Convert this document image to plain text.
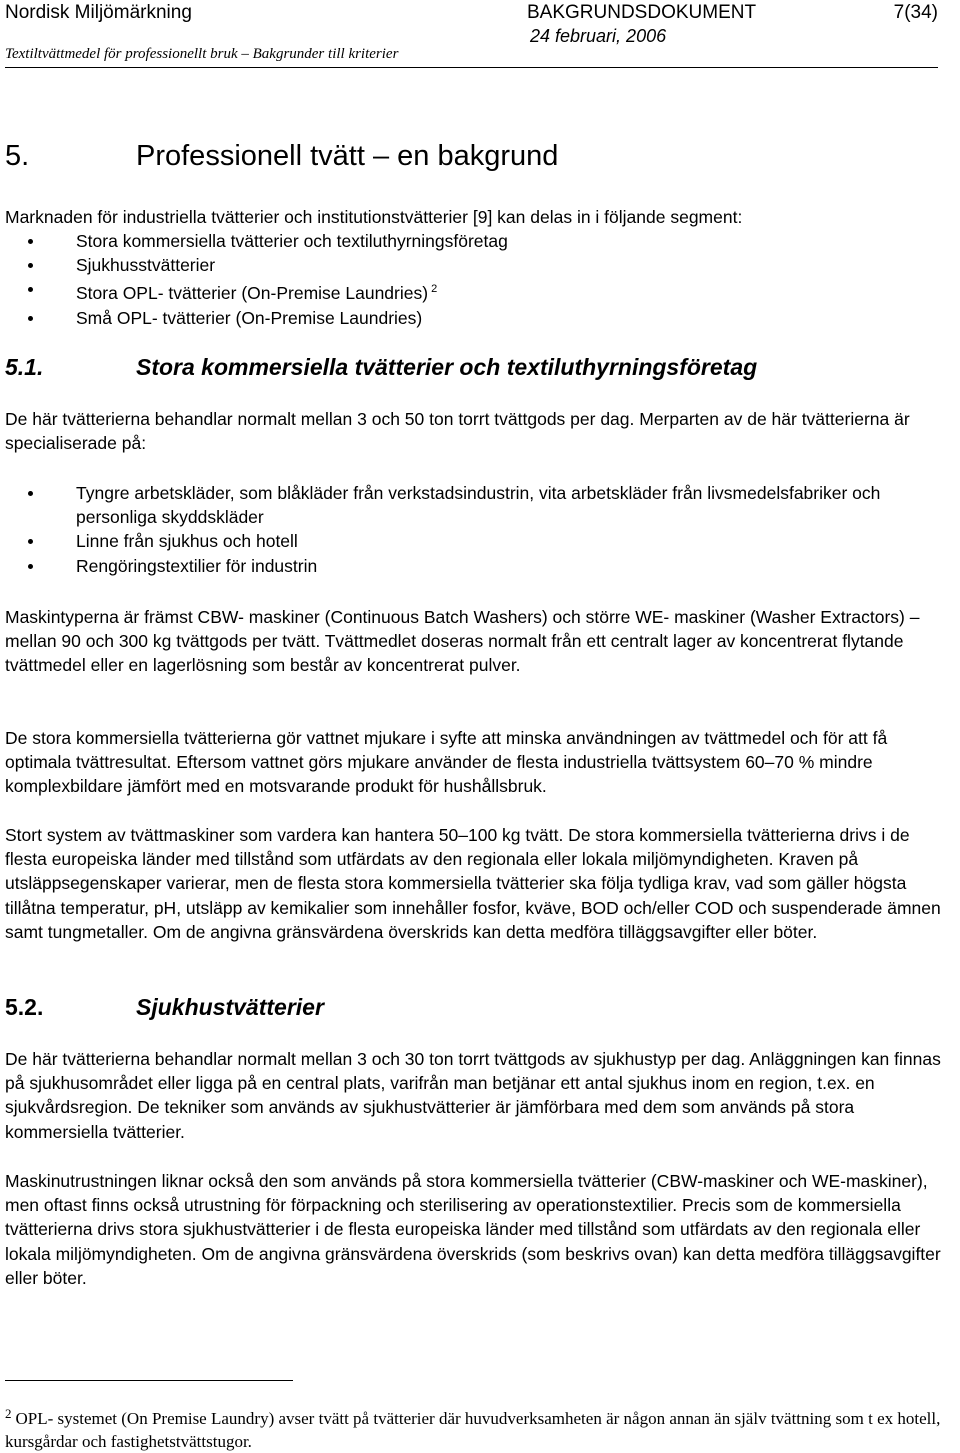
Nordisk Miljömärkning	BAKGRUNDSDOKUMENT	7(34)
24 februari, 2006
Textiltvättmedel för professionellt bruk – Bakgrunder till kriterier
5.	Professionell tvätt – en bakgrund

Marknaden för industriella tvätterier och institutionstvätterier [9] kan delas in i följande segment:

Stora kommersiella tvätterier och textiluthyrningsföretag
Sjukhusstvätterier
Stora OPL- tvätterier (On-Premise Laundries) $^2$
Små OPL- tvätterier (On-Premise Laundries)
5.1.	Stora kommersiella tvätterier och textiluthyrningsföretag

De här tvätterierna behandlar normalt mellan 3 och 50 ton torrt tvättgods per dag. Merparten av de här tvätterierna är specialiserade på:

Tyngre arbetskläder, som blåkläder från verkstadsindustrin, vita arbetskläder från livsmedelsfabriker och personliga skyddskläder
Linne från sjukhus och hotell
Rengöringstextilier för industrin

Maskintyperna är främst CBW- maskiner (Continuous Batch Washers) och större WE- maskiner (Washer Extractors) – mellan 90 och 300 kg tvättgods per tvätt. Tvättmedlet doseras normalt från ett centralt lager av koncentrerat flytande tvättmedel eller en lagerlösning som består av koncentrerat pulver.

De stora kommersiella tvätterierna gör vattnet mjukare i syfte att minska användningen av tvättmedel och för att få optimala tvättresultat. Eftersom vattnet görs mjukare använder de flesta industriella tvättsystem 60–70 % mindre komplexbildare jämfört med en motsvarande produkt för hushållsbruk.

Stort system av tvättmaskiner som vardera kan hantera 50–100 kg tvätt. De stora kommersiella tvätterierna drivs i de flesta europeiska länder med tillstånd som utfärdats av den regionala eller lokala miljömyndigheten. Kraven på utsläppsegenskaper varierar, men de flesta stora kommersiella tvätterier ska följa tydliga krav, vad som gäller högsta tillåtna temperatur, pH, utsläpp av kemikalier som innehåller fosfor, kväve, BOD och/eller COD och suspenderade ämnen samt tungmetaller. Om de angivna gränsvärdena överskrids kan detta medföra tilläggsavgifter eller böter.

5.2.	Sjukhustvätterier

De här tvätterierna behandlar normalt mellan 3 och 30 ton torrt tvättgods av sjukhustyp per dag. Anläggningen kan finnas på sjukhusområdet eller ligga på en central plats, varifrån man betjänar ett antal sjukhus inom en region, t.ex. en sjukvårdsregion. De tekniker som används av sjukhustvätterier är jämförbara med dem som används på stora kommersiella tvätterier.

Maskinutrustningen liknar också den som används på stora kommersiella tvätterier (CBW-maskiner och WE-maskiner), men oftast finns också utrustning för förpackning och sterilisering av operationstextilier. Precis som de kommersiella tvätterierna drivs stora sjukhustvätterier i de flesta europeiska länder med tillstånd som utfärdats av den regionala eller lokala miljömyndigheten. Om de angivna gränsvärdena överskrids (som beskrivs ovan) kan detta medföra tilläggsavgifter eller böter.

$^2$ OPL- systemet (On Premise Laundry) avser tvätt på tvätterier där huvudverksamheten är någon annan än själv tvättning som t ex hotell, kursgårdar och fastighetstvättstugor.
